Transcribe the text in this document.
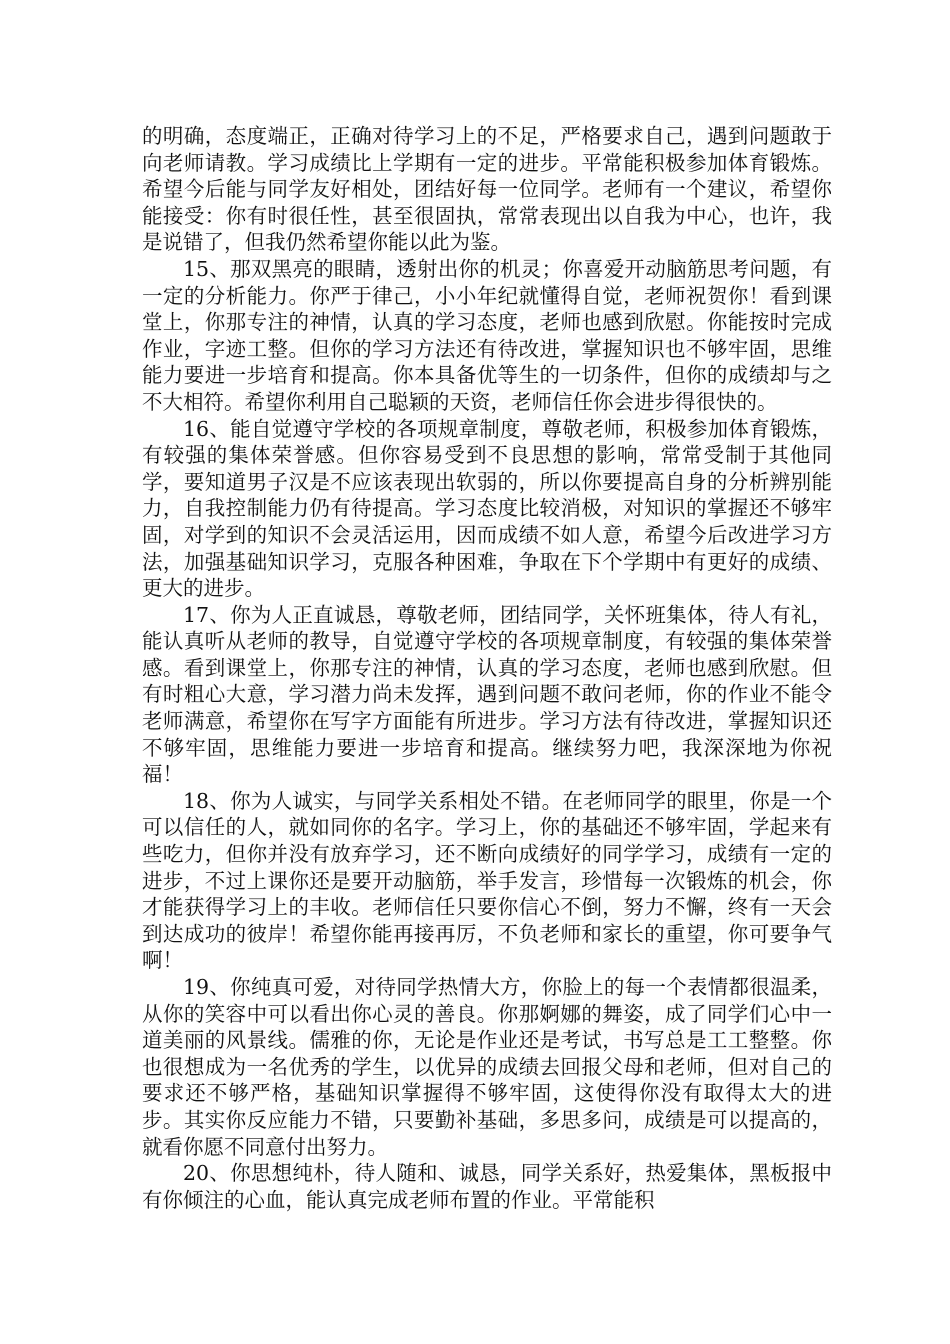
的明确，态度端正，正确对待学习上的不足，严格要求自己，遇到问题敢于向老师请教。学习成绩比上学期有一定的进步。平常能积极参加体育锻炼。希望今后能与同学友好相处，团结好每一位同学。老师有一个建议，希望你能接受：你有时很任性，甚至很固执，常常表现出以自我为中心，也许，我是说错了，但我仍然希望你能以此为鉴。

15、那双黑亮的眼睛，透射出你的机灵；你喜爱开动脑筋思考问题，有一定的分析能力。你严于律己，小小年纪就懂得自觉，老师祝贺你！看到课堂上，你那专注的神情，认真的学习态度，老师也感到欣慰。你能按时完成作业，字迹工整。但你的学习方法还有待改进，掌握知识也不够牢固，思维能力要进一步培育和提高。你本具备优等生的一切条件，但你的成绩却与之不大相符。希望你利用自己聪颖的天资，老师信任你会进步得很快的。

16、能自觉遵守学校的各项规章制度，尊敬老师，积极参加体育锻炼，有较强的集体荣誉感。但你容易受到不良思想的影响，常常受制于其他同学，要知道男子汉是不应该表现出软弱的，所以你要提高自身的分析辨别能力，自我控制能力仍有待提高。学习态度比较消极，对知识的掌握还不够牢固，对学到的知识不会灵活运用，因而成绩不如人意，希望今后改进学习方法，加强基础知识学习，克服各种困难，争取在下个学期中有更好的成绩、更大的进步。

17、你为人正直诚恳，尊敬老师，团结同学，关怀班集体，待人有礼，能认真听从老师的教导，自觉遵守学校的各项规章制度，有较强的集体荣誉感。看到课堂上，你那专注的神情，认真的学习态度，老师也感到欣慰。但有时粗心大意，学习潜力尚未发挥，遇到问题不敢问老师，你的作业不能令老师满意，希望你在写字方面能有所进步。学习方法有待改进，掌握知识还不够牢固，思维能力要进一步培育和提高。继续努力吧，我深深地为你祝福！

18、你为人诚实，与同学关系相处不错。在老师同学的眼里，你是一个可以信任的人，就如同你的名字。学习上，你的基础还不够牢固，学起来有些吃力，但你并没有放弃学习，还不断向成绩好的同学学习，成绩有一定的进步，不过上课你还是要开动脑筋，举手发言，珍惜每一次锻炼的机会，你才能获得学习上的丰收。老师信任只要你信心不倒，努力不懈，终有一天会到达成功的彼岸！希望你能再接再厉，不负老师和家长的重望，你可要争气啊！

19、你纯真可爱，对待同学热情大方，你脸上的每一个表情都很温柔，从你的笑容中可以看出你心灵的善良。你那婀娜的舞姿，成了同学们心中一道美丽的风景线。儒雅的你，无论是作业还是考试，书写总是工工整整。你也很想成为一名优秀的学生，以优异的成绩去回报父母和老师，但对自己的要求还不够严格，基础知识掌握得不够牢固，这使得你没有取得太大的进步。其实你反应能力不错，只要勤补基础，多思多问，成绩是可以提高的，就看你愿不同意付出努力。

20、你思想纯朴，待人随和、诚恳，同学关系好，热爱集体，黑板报中有你倾注的心血，能认真完成老师布置的作业。平常能积
